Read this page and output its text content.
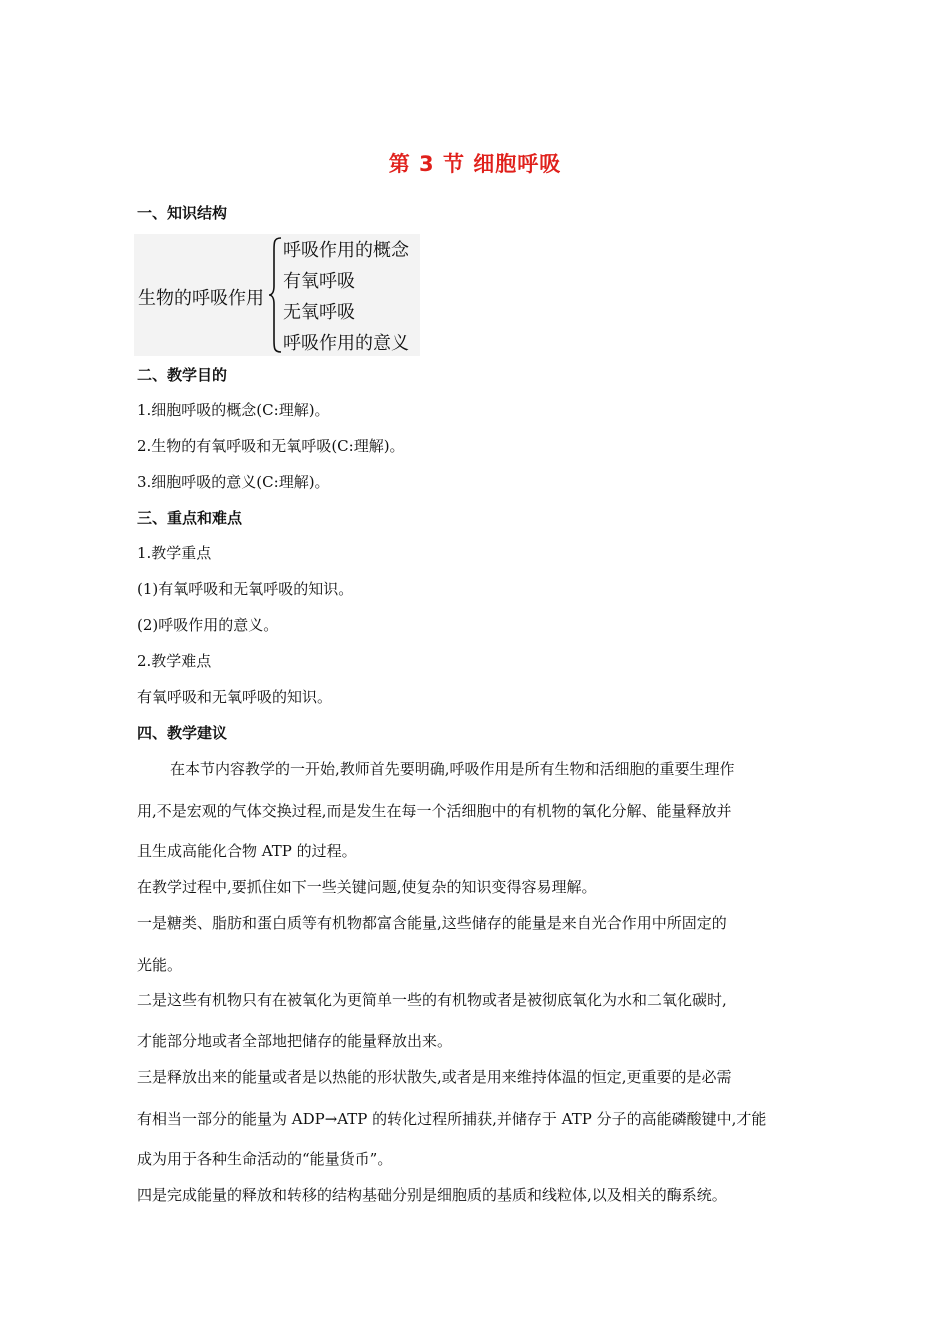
第 3 节 细胞呼吸
一、知识结构
生物的呼吸作用
呼吸作用的概念
有氧呼吸
无氧呼吸
呼吸作用的意义
二、教学目的
1.细胞呼吸的概念(C:理解)。
2.生物的有氧呼吸和无氧呼吸(C:理解)。
3.细胞呼吸的意义(C:理解)。
三、重点和难点
1.教学重点
(1)有氧呼吸和无氧呼吸的知识。
(2)呼吸作用的意义。
2.教学难点
有氧呼吸和无氧呼吸的知识。
四、教学建议
在本节内容教学的一开始,教师首先要明确,呼吸作用是所有生物和活细胞的重要生理作
用,不是宏观的气体交换过程,而是发生在每一个活细胞中的有机物的氧化分解、能量释放并
且生成高能化合物 ATP 的过程。
在教学过程中,要抓住如下一些关键问题,使复杂的知识变得容易理解。
一是糖类、脂肪和蛋白质等有机物都富含能量,这些储存的能量是来自光合作用中所固定的
光能。
二是这些有机物只有在被氧化为更简单一些的有机物或者是被彻底氧化为水和二氧化碳时,
才能部分地或者全部地把储存的能量释放出来。
三是释放出来的能量或者是以热能的形状散失,或者是用来维持体温的恒定,更重要的是必需
有相当一部分的能量为 ADP→ATP 的转化过程所捕获,并储存于 ATP 分子的高能磷酸键中,才能
成为用于各种生命活动的“能量货币”。
四是完成能量的释放和转移的结构基础分别是细胞质的基质和线粒体,以及相关的酶系统。
